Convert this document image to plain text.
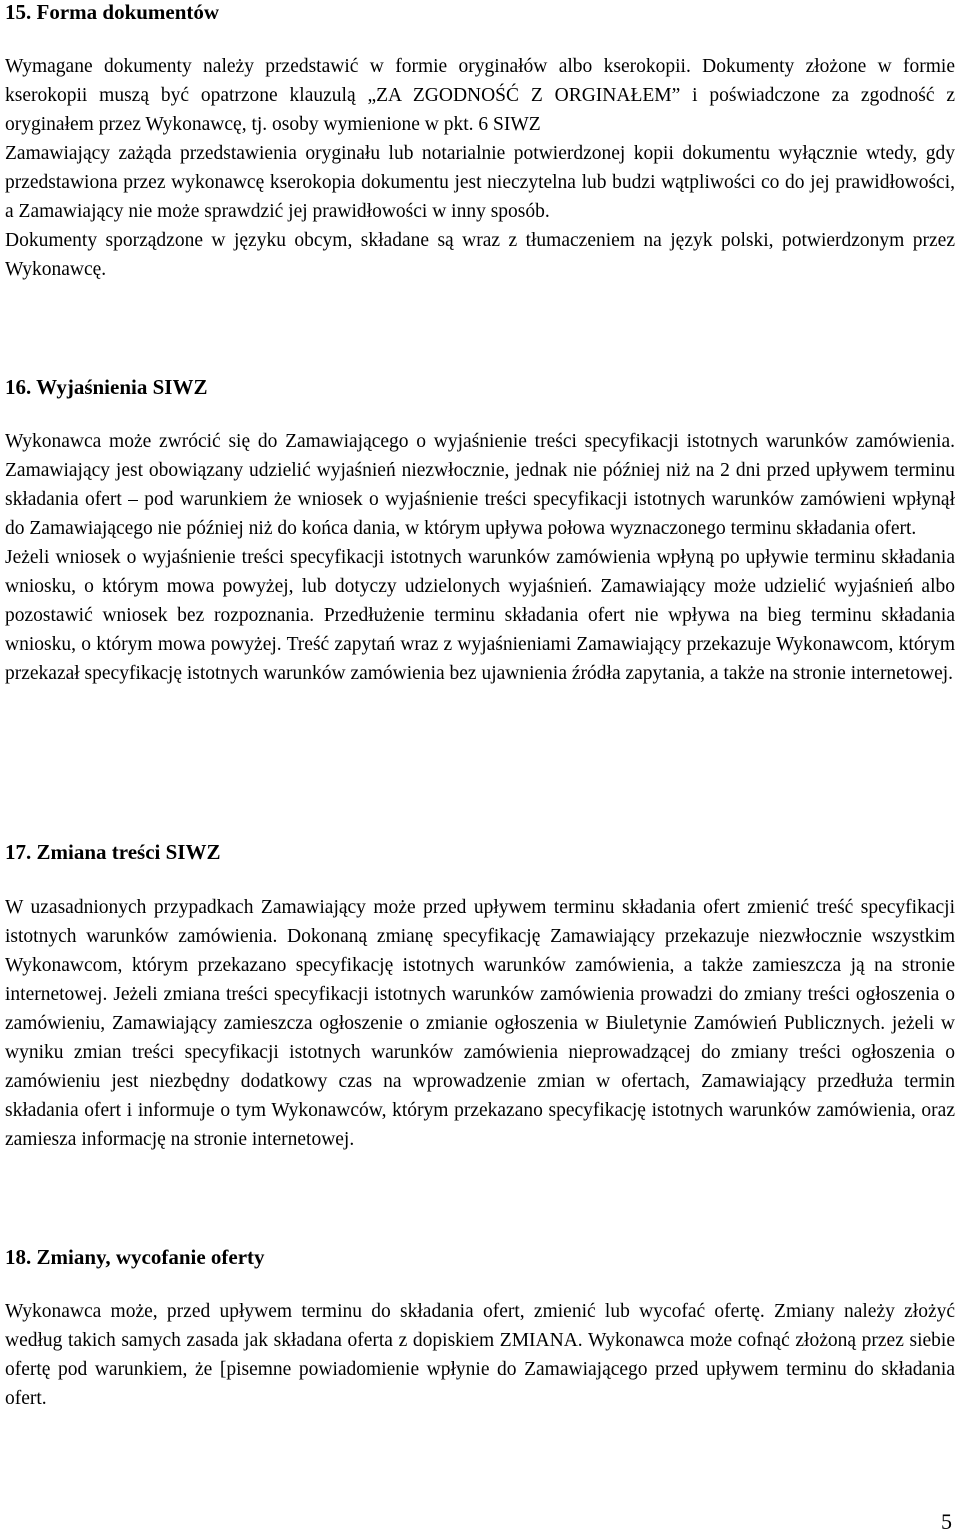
15. Forma dokumentów

Wymagane dokumenty należy przedstawić w formie oryginałów albo kserokopii. Dokumenty złożone w formie kserokopii muszą być opatrzone klauzulą „ZA ZGODNOŚĆ Z ORGINAŁEM” i poświadczone za zgodność z oryginałem przez Wykonawcę, tj. osoby wymienione w pkt. 6 SIWZ

Zamawiający zażąda przedstawienia oryginału lub notarialnie potwierdzonej kopii dokumentu wyłącznie wtedy, gdy przedstawiona przez wykonawcę kserokopia dokumentu jest nieczytelna lub budzi wątpliwości co do jej prawidłowości, a Zamawiający nie może sprawdzić jej prawidłowości w inny sposób.

Dokumenty sporządzone w języku obcym, składane są wraz z tłumaczeniem na język polski, potwierdzonym przez Wykonawcę.

16. Wyjaśnienia SIWZ

Wykonawca może zwrócić się do Zamawiającego o wyjaśnienie treści specyfikacji istotnych warunków zamówienia. Zamawiający jest obowiązany udzielić wyjaśnień niezwłocznie, jednak nie później niż na 2 dni przed upływem terminu składania ofert – pod warunkiem że wniosek o wyjaśnienie treści specyfikacji istotnych warunków zamówieni wpłynął do Zamawiającego nie później niż do końca dania, w którym upływa połowa wyznaczonego terminu składania ofert.

Jeżeli wniosek o wyjaśnienie treści specyfikacji istotnych warunków zamówienia wpłyną po upływie terminu składania wniosku, o którym mowa powyżej, lub dotyczy udzielonych wyjaśnień. Zamawiający może udzielić wyjaśnień albo pozostawić wniosek bez rozpoznania. Przedłużenie terminu składania ofert nie wpływa na bieg terminu składania wniosku, o którym mowa powyżej. Treść zapytań wraz z wyjaśnieniami Zamawiający przekazuje Wykonawcom, którym przekazał specyfikację istotnych warunków zamówienia bez ujawnienia źródła zapytania, a także na stronie internetowej.

17. Zmiana treści SIWZ

W uzasadnionych przypadkach Zamawiający może przed upływem terminu składania ofert zmienić treść specyfikacji istotnych warunków zamówienia. Dokonaną zmianę specyfikację Zamawiający przekazuje niezwłocznie wszystkim Wykonawcom, którym przekazano specyfikację istotnych warunków zamówienia, a także zamieszcza ją na stronie internetowej. Jeżeli zmiana treści specyfikacji istotnych warunków zamówienia prowadzi do zmiany treści ogłoszenia o zamówieniu, Zamawiający zamieszcza ogłoszenie o zmianie ogłoszenia w Biuletynie Zamówień Publicznych. jeżeli w wyniku zmian treści specyfikacji istotnych warunków zamówienia nieprowadzącej do zmiany treści ogłoszenia o zamówieniu jest niezbędny dodatkowy czas na wprowadzenie zmian w ofertach, Zamawiający przedłuża termin składania ofert i informuje o tym Wykonawców, którym przekazano specyfikację istotnych warunków zamówienia, oraz zamiesza informację na stronie internetowej.

18. Zmiany, wycofanie oferty

Wykonawca może, przed upływem terminu do składania ofert, zmienić lub wycofać ofertę. Zmiany należy złożyć według takich samych zasada jak składana oferta z dopiskiem ZMIANA. Wykonawca może cofnąć złożoną przez siebie ofertę pod warunkiem, że [pisemne powiadomienie wpłynie do Zamawiającego przed upływem terminu do składania ofert.

5
